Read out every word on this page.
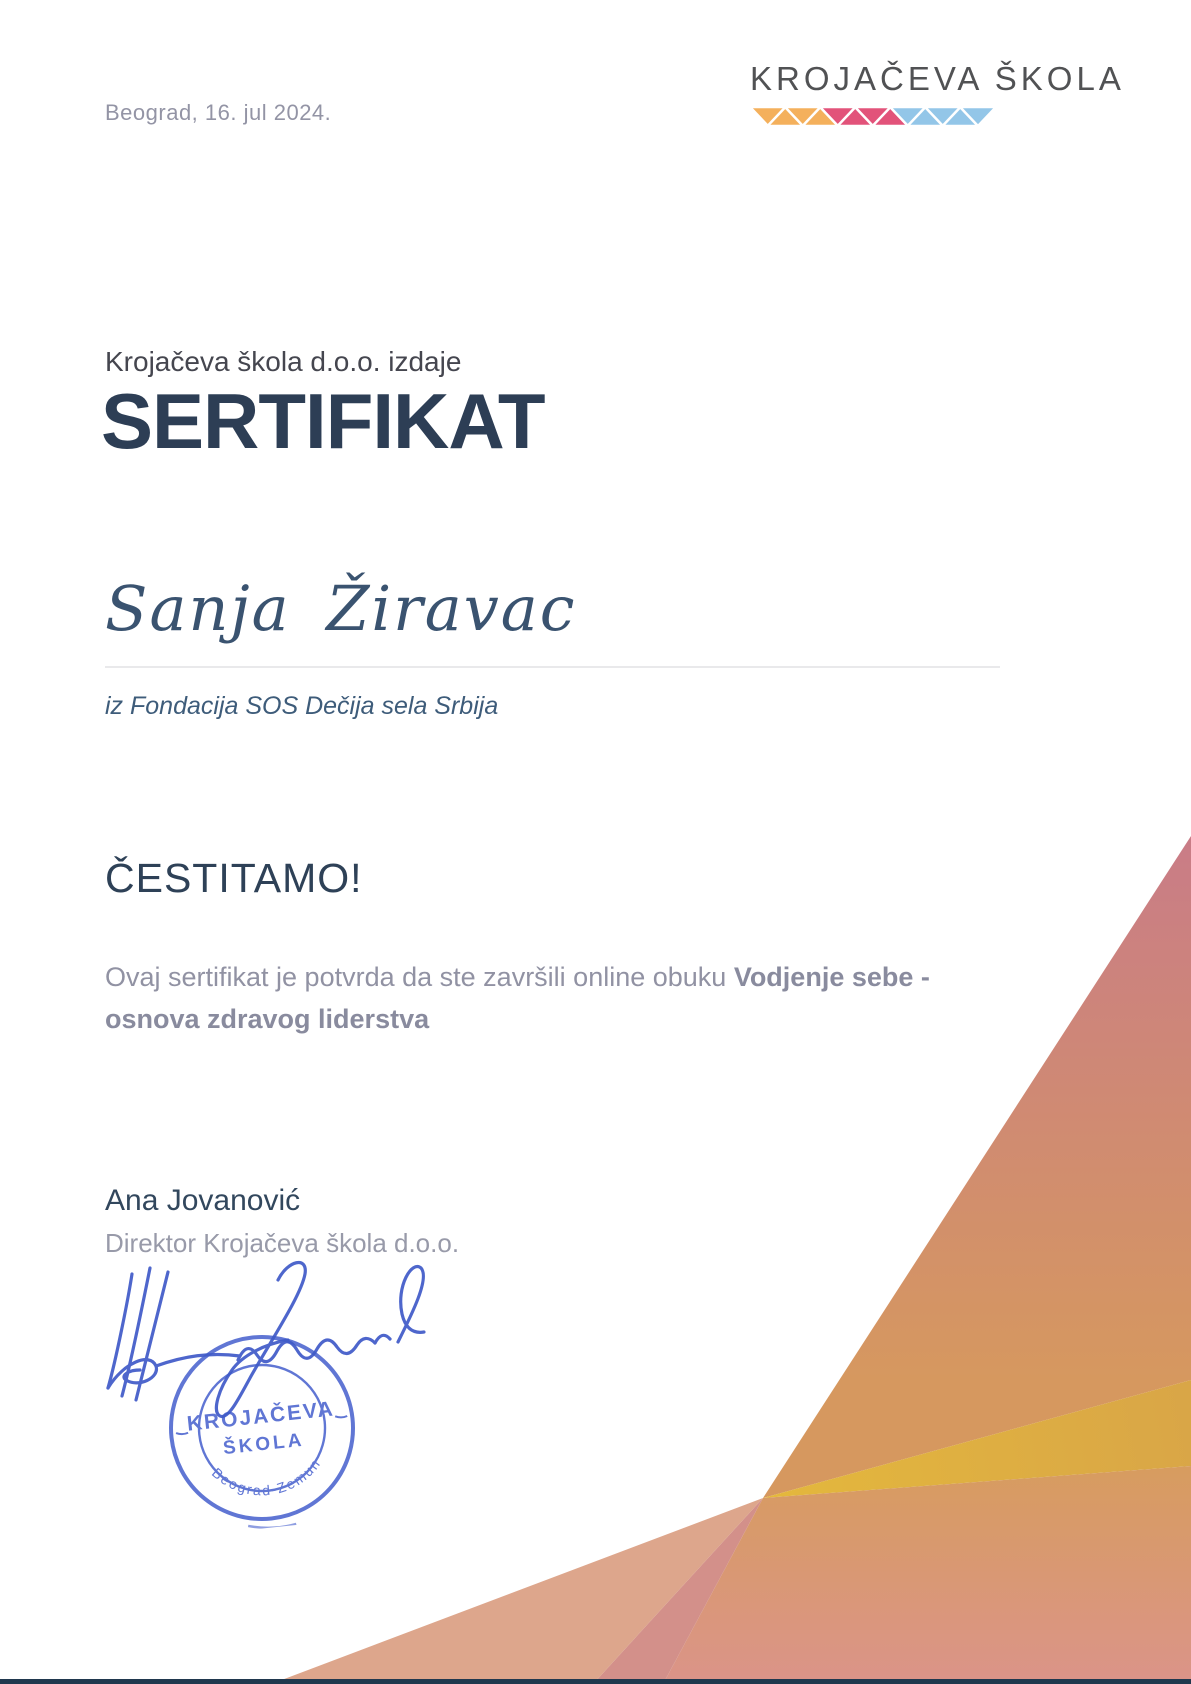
Beograd, 16. jul 2024.
KROJAČEVA ŠKOLA
Krojačeva škola d.o.o. izdaje
SERTIFIKAT
Sanja Žiravac
iz Fondacija SOS Dečija sela Srbija
ČESTITAMO!

Ovaj sertifikat je potvrda da ste završili online obuku Vodjenje sebe -
osnova zdravog liderstva

Ana Jovanović
Direktor Krojačeva škola d.o.o.
KROJAČEVA
ŠKOLA
Beograd-Zemun
